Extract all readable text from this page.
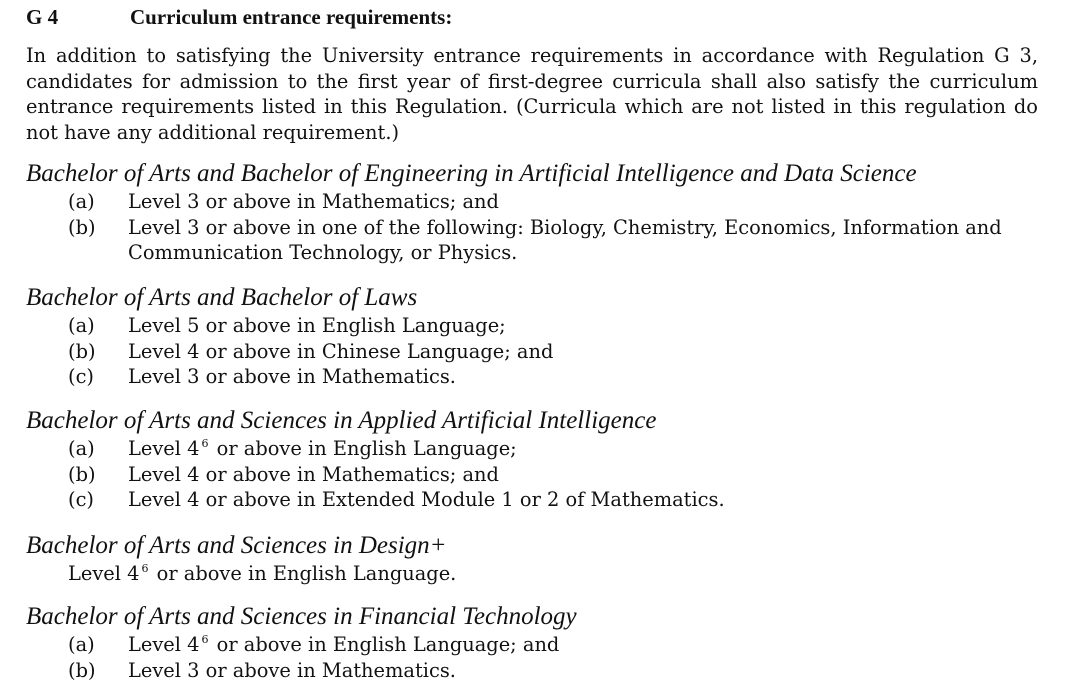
G 4	Curriculum entrance requirements:

In addition to satisfying the University entrance requirements in accordance with Regulation G 3, candidates for admission to the first year of first-degree curricula shall also satisfy the curriculum entrance requirements listed in this Regulation. (Curricula which are not listed in this regulation do not have any additional requirement.)

Bachelor of Arts and Bachelor of Engineering in Artificial Intelligence and Data Science
(a)	Level 3 or above in Mathematics; and
(b)	Level 3 or above in one of the following: Biology, Chemistry, Economics, Information and Communication Technology, or Physics.
Bachelor of Arts and Bachelor of Laws
(a)	Level 5 or above in English Language;
(b)	Level 4 or above in Chinese Language; and
(c)	Level 3 or above in Mathematics.
Bachelor of Arts and Sciences in Applied Artificial Intelligence
(a)	Level 4 $^6$ or above in English Language;
(b)	Level 4 or above in Mathematics; and
(c)	Level 4 or above in Extended Module 1 or 2 of Mathematics.
Bachelor of Arts and Sciences in Design+
Level 4 $^6$ or above in English Language.
Bachelor of Arts and Sciences in Financial Technology
(a)	Level 4 $^6$ or above in English Language; and
(b)	Level 3 or above in Mathematics.
